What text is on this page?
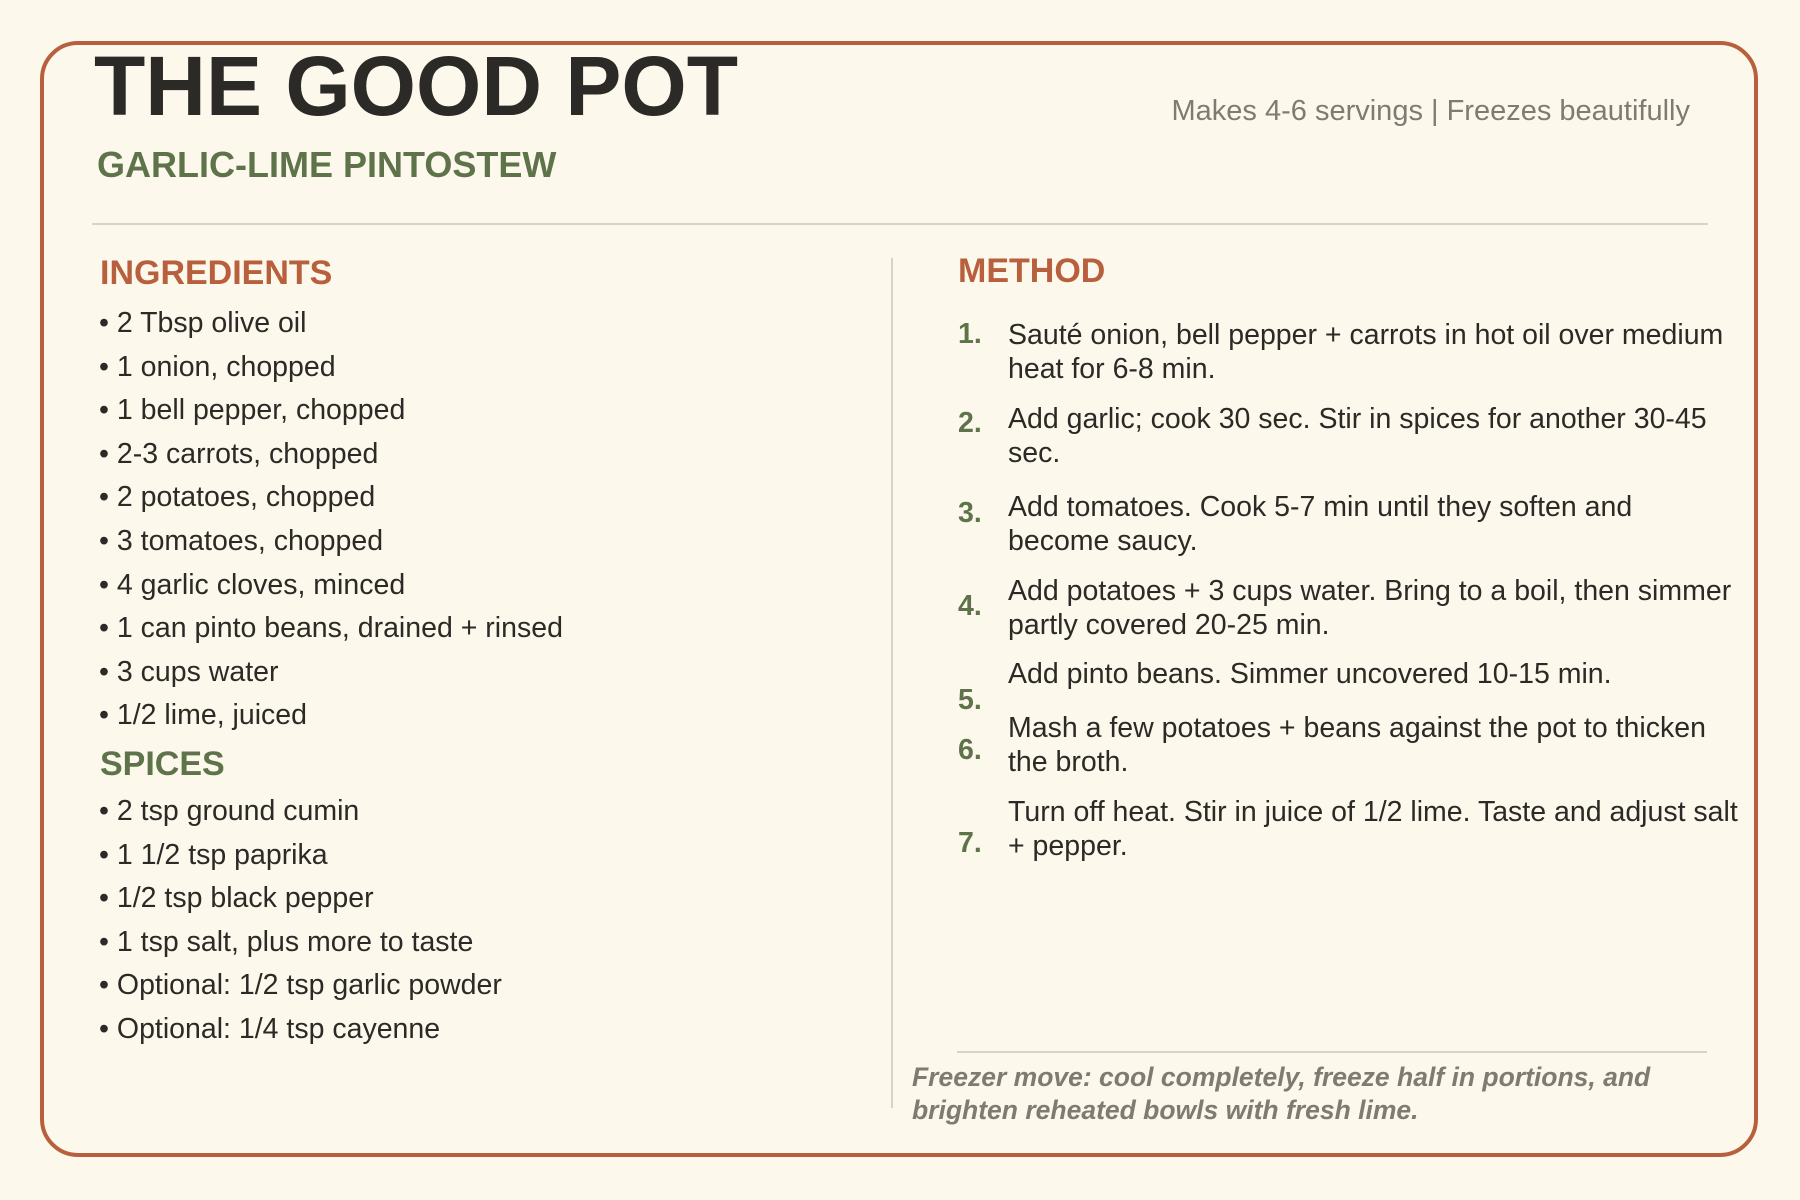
THE GOOD POT
GARLIC-LIME PINTOSTEW
Makes 4-6 servings | Freezes beautifully
INGREDIENTS
• 2 Tbsp olive oil
• 1 onion, chopped
• 1 bell pepper, chopped
• 2-3 carrots, chopped
• 2 potatoes, chopped
• 3 tomatoes, chopped
• 4 garlic cloves, minced
• 1 can pinto beans, drained + rinsed
• 3 cups water
• 1/2 lime, juiced
SPICES
• 2 tsp ground cumin
• 1 1/2 tsp paprika
• 1/2 tsp black pepper
• 1 tsp salt, plus more to taste
• Optional: 1/2 tsp garlic powder
• Optional: 1/4 tsp cayenne
METHOD
1. Sauté onion, bell pepper + carrots in hot oil over medium heat for 6-8 min.
2. Add garlic; cook 30 sec. Stir in spices for another 30-45 sec.
3. Add tomatoes. Cook 5-7 min until they soften and become saucy.
4. Add potatoes + 3 cups water. Bring to a boil, then simmer partly covered 20-25 min.
5.
Add pinto beans. Simmer uncovered 10-15 min.
6.
Mash a few potatoes + beans against the pot to thicken the broth.
7.
Turn off heat. Stir in juice of 1/2 lime. Taste and adjust salt + pepper.
Freezer move: cool completely, freeze half in portions, and brighten reheated bowls with fresh lime.
